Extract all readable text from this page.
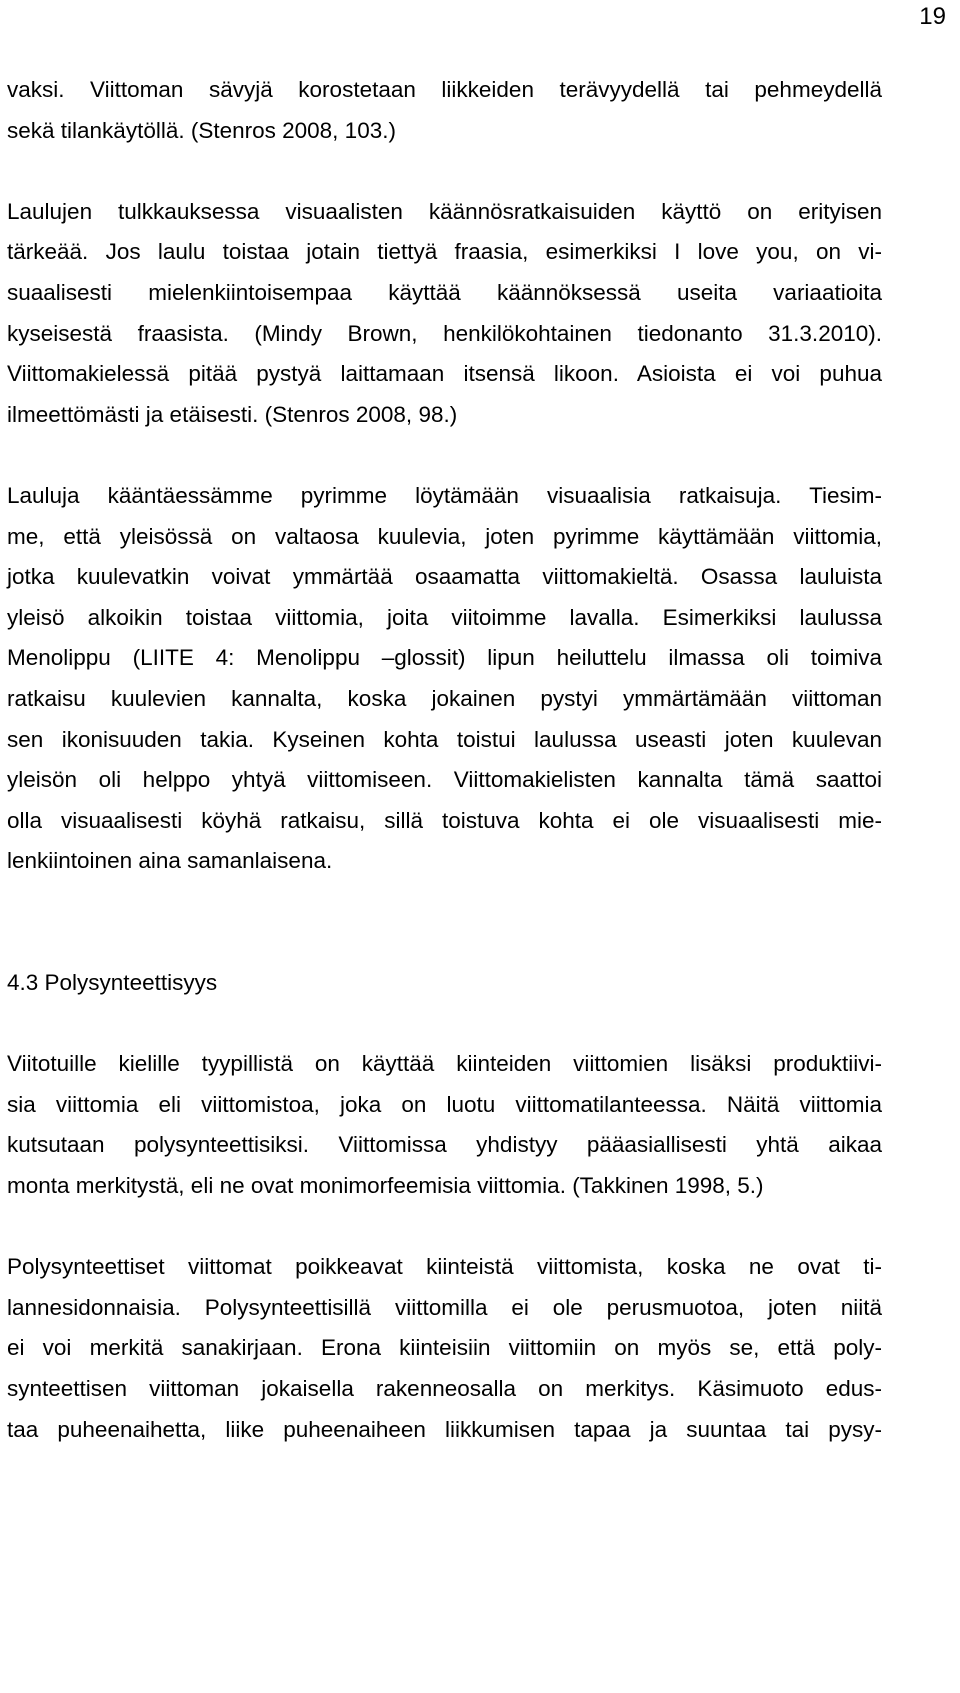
19
vaksi. Viittoman sävyjä korostetaan liikkeiden terävyydellä tai pehmeydellä
sekä tilankäytöllä. (Stenros 2008, 103.)
Laulujen tulkkauksessa visuaalisten käännösratkaisuiden käyttö on erityisen
tärkeää. Jos laulu toistaa jotain tiettyä fraasia, esimerkiksi I love you, on vi-
suaalisesti mielenkiintoisempaa käyttää käännöksessä useita variaatioita
kyseisestä fraasista. (Mindy Brown, henkilökohtainen tiedonanto 31.3.2010).
Viittomakielessä pitää pystyä laittamaan itsensä likoon. Asioista ei voi puhua
ilmeettömästi ja etäisesti. (Stenros 2008, 98.)
Lauluja kääntäessämme pyrimme löytämään visuaalisia ratkaisuja. Tiesim-
me, että yleisössä on valtaosa kuulevia, joten pyrimme käyttämään viittomia,
jotka kuulevatkin voivat ymmärtää osaamatta viittomakieltä. Osassa lauluista
yleisö alkoikin toistaa viittomia, joita viitoimme lavalla. Esimerkiksi laulussa
Menolippu (LIITE 4: Menolippu –glossit) lipun heiluttelu ilmassa oli toimiva
ratkaisu kuulevien kannalta, koska jokainen pystyi ymmärtämään viittoman
sen ikonisuuden takia. Kyseinen kohta toistui laulussa useasti joten kuulevan
yleisön oli helppo yhtyä viittomiseen. Viittomakielisten kannalta tämä saattoi
olla visuaalisesti köyhä ratkaisu, sillä toistuva kohta ei ole visuaalisesti mie-
lenkiintoinen aina samanlaisena.
4.3 Polysynteettisyys
Viitotuille kielille tyypillistä on käyttää kiinteiden viittomien lisäksi produktiivi-
sia viittomia eli viittomistoa, joka on luotu viittomatilanteessa. Näitä viittomia
kutsutaan polysynteettisiksi. Viittomissa yhdistyy pääasiallisesti yhtä aikaa
monta merkitystä, eli ne ovat monimorfeemisia viittomia. (Takkinen 1998, 5.)
Polysynteettiset viittomat poikkeavat kiinteistä viittomista, koska ne ovat ti-
lannesidonnaisia. Polysynteettisillä viittomilla ei ole perusmuotoa, joten niitä
ei voi merkitä sanakirjaan. Erona kiinteisiin viittomiin on myös se, että poly-
synteettisen viittoman jokaisella rakenneosalla on merkitys. Käsimuoto edus-
taa puheenaihetta, liike puheenaiheen liikkumisen tapaa ja suuntaa tai pysy-
